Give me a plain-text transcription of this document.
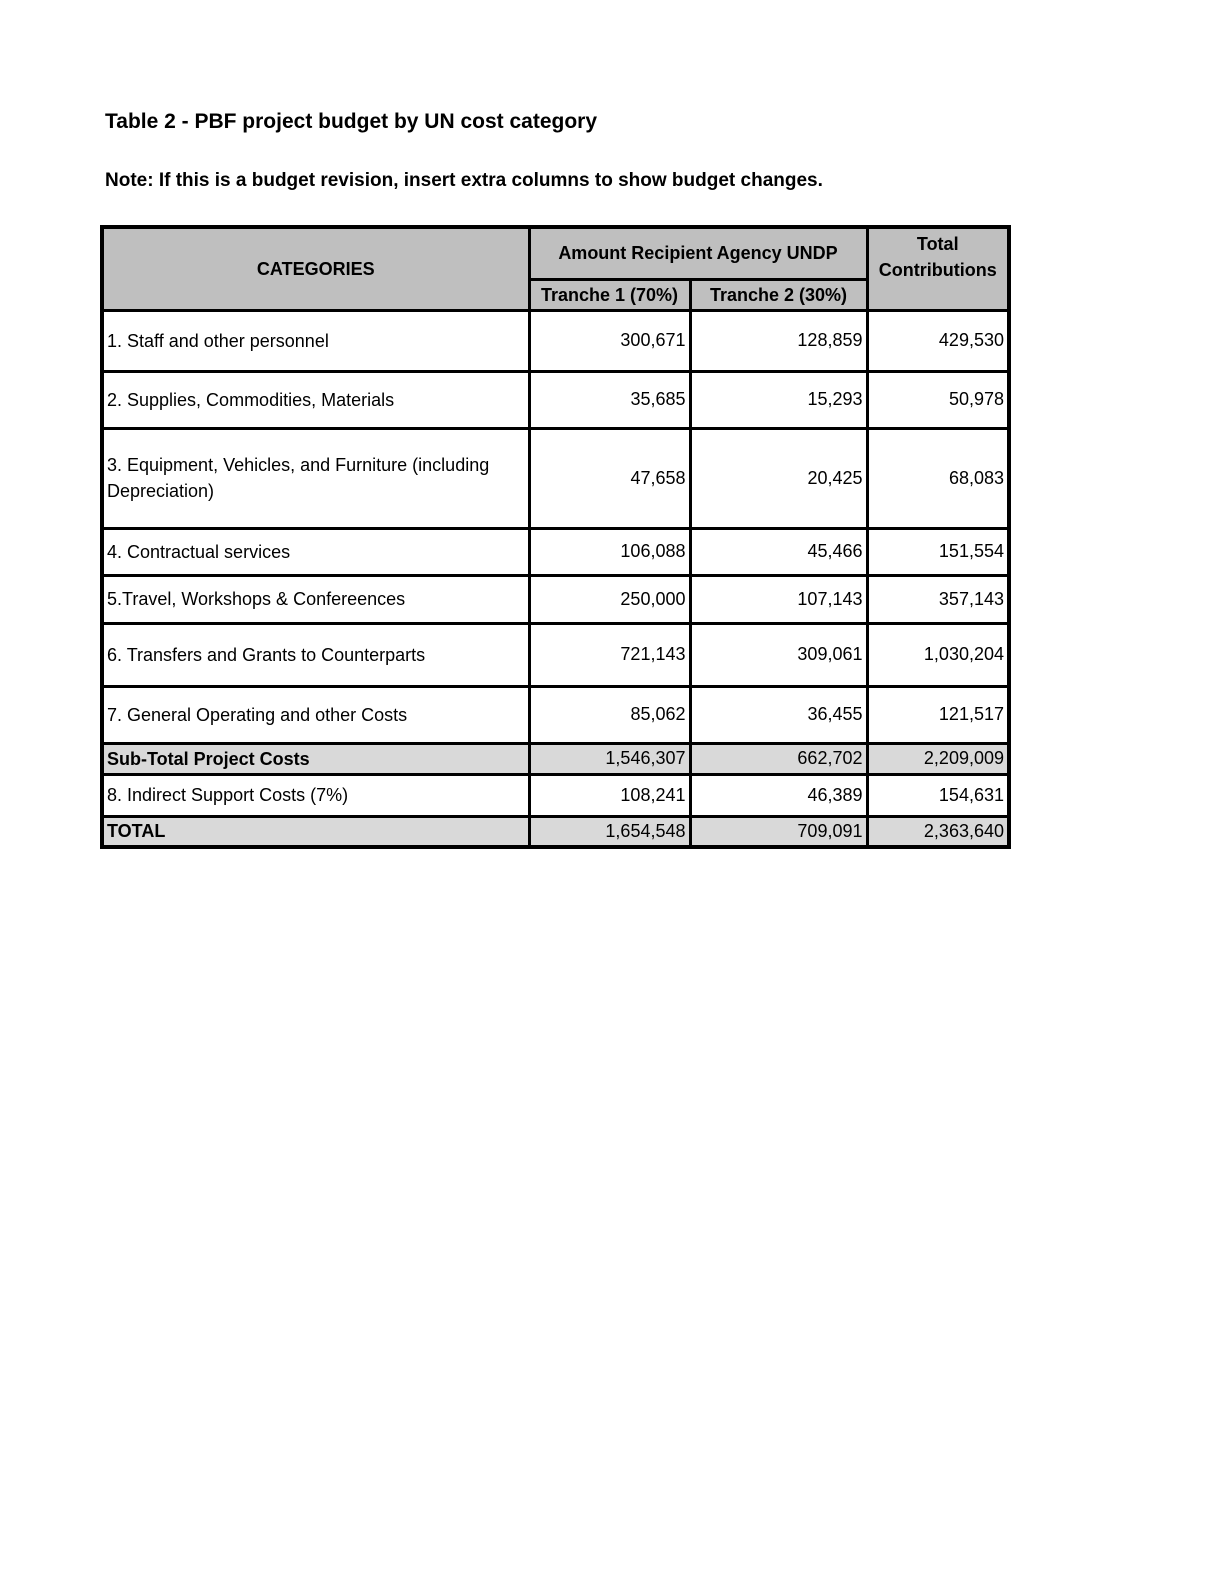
Table 2 - PBF project budget by UN cost category

Note: If this is a budget revision, insert extra columns to show budget changes.

CATEGORIES	Amount Recipient Agency UNDP		Total Contributions
	Tranche 1 (70%)	Tranche 2 (30%)	
1. Staff and other personnel	300,671	128,859	429,530
2. Supplies, Commodities, Materials	35,685	15,293	50,978
3. Equipment, Vehicles, and Furniture (including Depreciation)	47,658	20,425	68,083
4. Contractual services	106,088	45,466	151,554
5.Travel, Workshops & Confereences	250,000	107,143	357,143
6. Transfers and Grants to Counterparts	721,143	309,061	1,030,204
7. General Operating and other Costs	85,062	36,455	121,517
Sub-Total Project Costs	1,546,307	662,702	2,209,009
8. Indirect Support Costs (7%)	108,241	46,389	154,631
TOTAL	1,654,548	709,091	2,363,640
